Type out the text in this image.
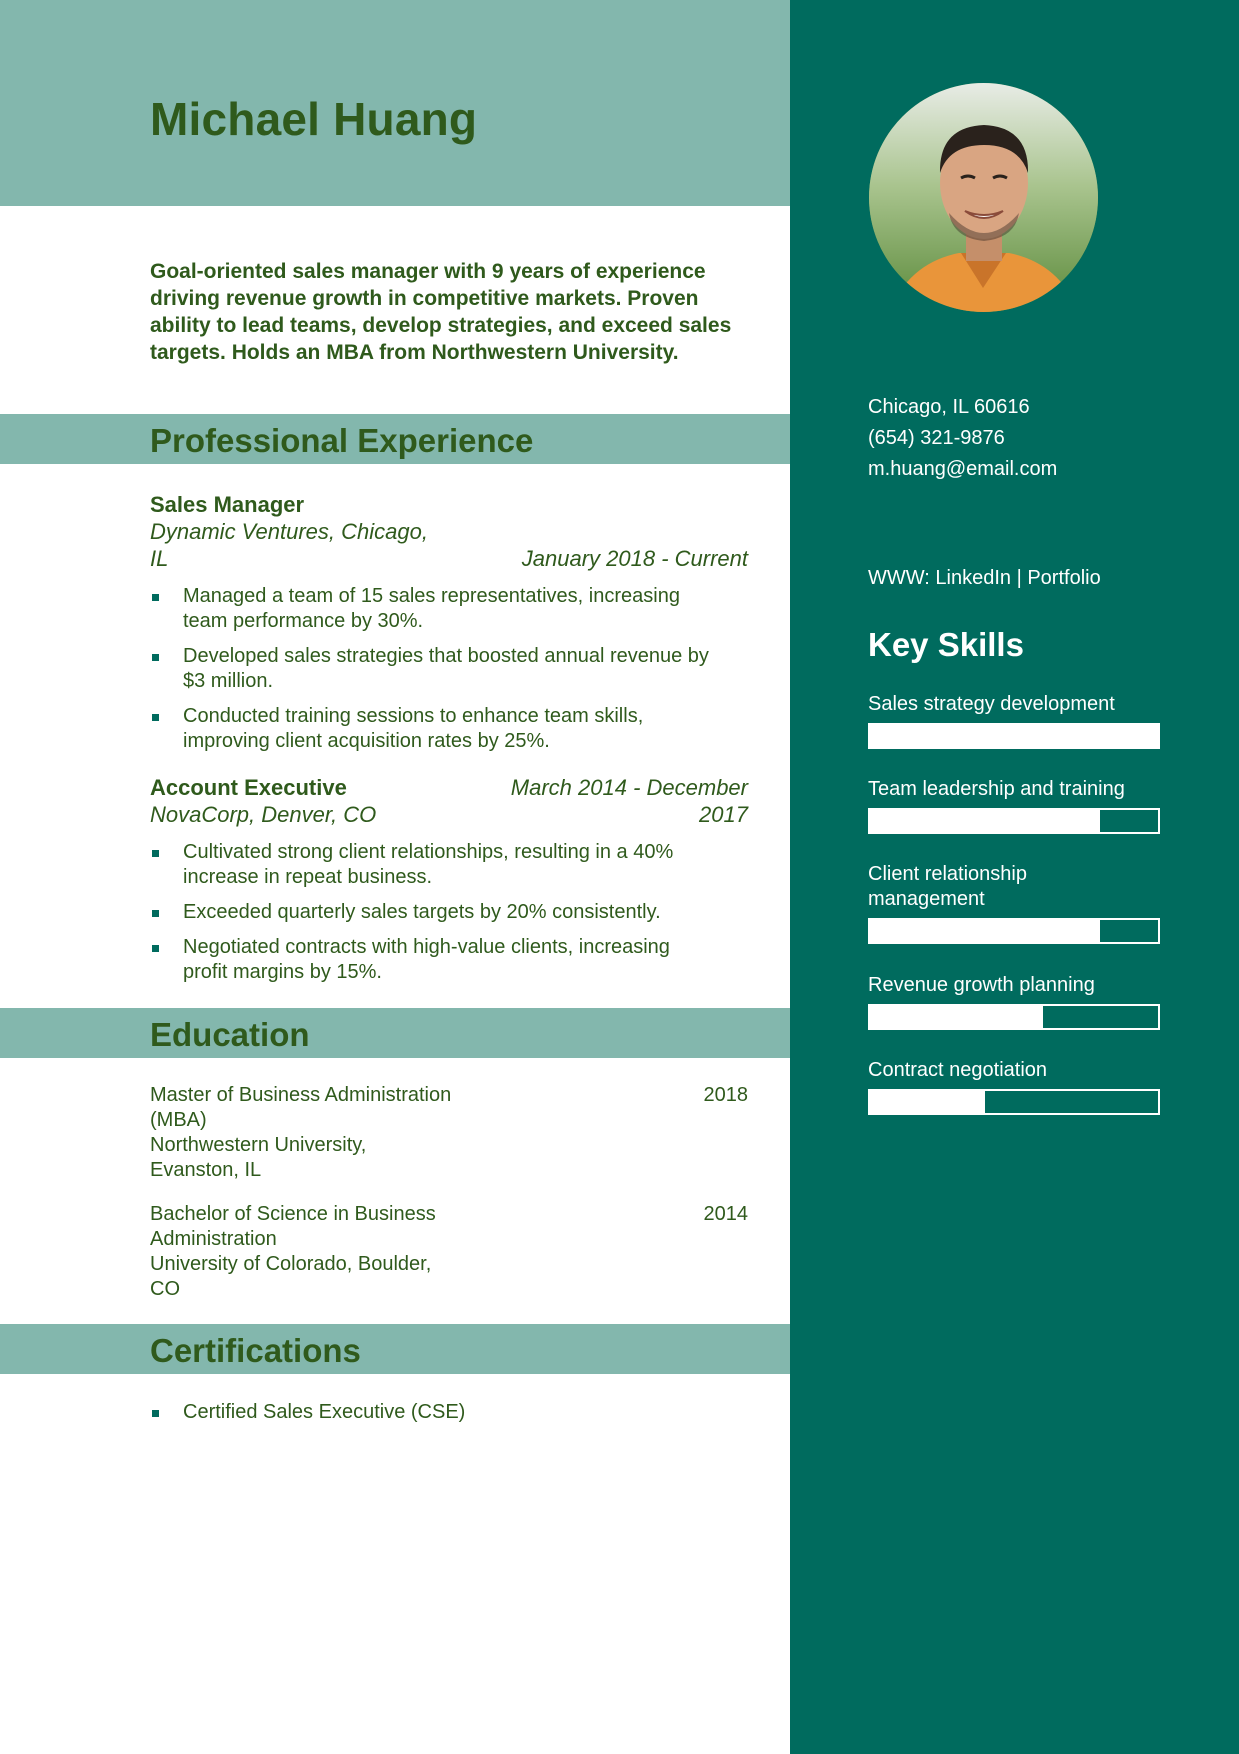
Michael Huang
Goal-oriented sales manager with 9 years of experience driving revenue growth in competitive markets. Proven ability to lead teams, develop strategies, and exceed sales targets. Holds an MBA from Northwestern University.
Professional Experience
Sales Manager
Dynamic Ventures, Chicago,
IL	January 2018 - Current
Managed a team of 15 sales representatives, increasing team performance by 30%.
Developed sales strategies that boosted annual revenue by $3 million.
Conducted training sessions to enhance team skills, improving client acquisition rates by 25%.
Account Executive
NovaCorp, Denver, CO
March 2014 - December
2017
Cultivated strong client relationships, resulting in a 40% increase in repeat business.
Exceeded quarterly sales targets by 20% consistently.
Negotiated contracts with high-value clients, increasing profit margins by 15%.
Education
Master of Business Administration (MBA)
Northwestern University, Evanston, IL
2018
Bachelor of Science in Business Administration
University of Colorado, Boulder, CO
2014
Certifications
Certified Sales Executive (CSE)
Chicago, IL 60616
(654) 321-9876
m.huang@email.com
WWW: LinkedIn | Portfolio
Key Skills
Sales strategy development
Team leadership and training
Client relationship management
Revenue growth planning
Contract negotiation
